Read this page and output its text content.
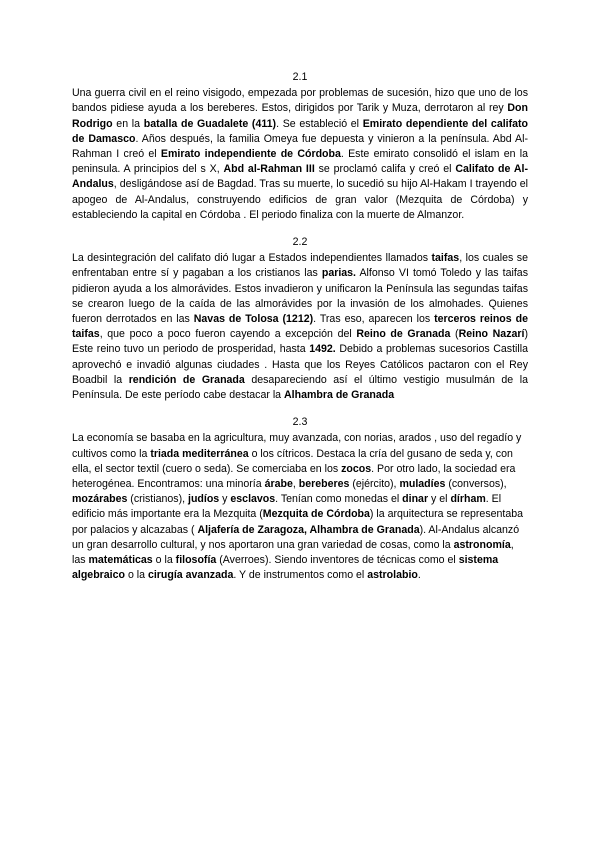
2.1

Una guerra civil en el reino visigodo, empezada por problemas de sucesión, hizo que uno de los bandos pidiese ayuda a los bereberes. Estos, dirigidos por Tarik y Muza, derrotaron al rey Don Rodrigo en la batalla de Guadalete (411). Se estableció el Emirato dependiente del califato de Damasco. Años después, la familia Omeya fue depuesta y vinieron a la península. Abd Al-Rahman I creó el Emirato independiente de Córdoba. Este emirato consolidó el islam en la peninsula. A principios del s X, Abd al-Rahman III se proclamó califa y creó el Califato de Al-Andalus, desligándose así de Bagdad. Tras su muerte, lo sucedió su hijo Al-Hakam I trayendo el apogeo de Al-Andalus, construyendo edificios de gran valor (Mezquita de Córdoba) y estableciendo la capital en Córdoba . El periodo finaliza con la muerte de Almanzor.

2.2

La desintegración del califato dió lugar a Estados independientes llamados taifas, los cuales se enfrentaban entre sí y pagaban a los cristianos las parias. Alfonso VI tomó Toledo y las taifas pidieron ayuda a los almorávides. Estos invadieron y unificaron la Península las segundas taifas se crearon luego de la caída de las almorávides por la invasión de los almohades. Quienes fueron derrotados en las Navas de Tolosa (1212). Tras eso, aparecen los terceros reinos de taifas, que poco a poco fueron cayendo a excepción del Reino de Granada (Reino Nazarí) Este reino tuvo un periodo de prosperidad, hasta 1492. Debido a problemas sucesorios Castilla aprovechó e invadió algunas ciudades . Hasta que los Reyes Católicos pactaron con el Rey Boadbil la rendición de Granada desapareciendo así el último vestigio musulmán de la Península. De este período cabe destacar la Alhambra de Granada

2.3

La economía se basaba en la agricultura, muy avanzada, con norias, arados , uso del regadío y cultivos como la triada mediterránea o los cítricos. Destaca la cría del gusano de seda y, con ella, el sector textil (cuero o seda). Se comerciaba en los zocos. Por otro lado, la sociedad era heterogénea. Encontramos: una minoría árabe, bereberes (ejército), muladíes (conversos), mozárabes (cristianos), judíos y esclavos. Tenían como monedas el dinar y el dírham. El edificio más importante era la Mezquita (Mezquita de Córdoba) la arquitectura se representaba por palacios y alcazabas ( Aljafería de Zaragoza, Alhambra de Granada). Al-Andalus alcanzó un gran desarrollo cultural, y nos aportaron una gran variedad de cosas, como la astronomía, las matemáticas o la filosofía (Averroes). Siendo inventores de técnicas como el sistema algebraico o la cirugía avanzada. Y de instrumentos como el astrolabio.
